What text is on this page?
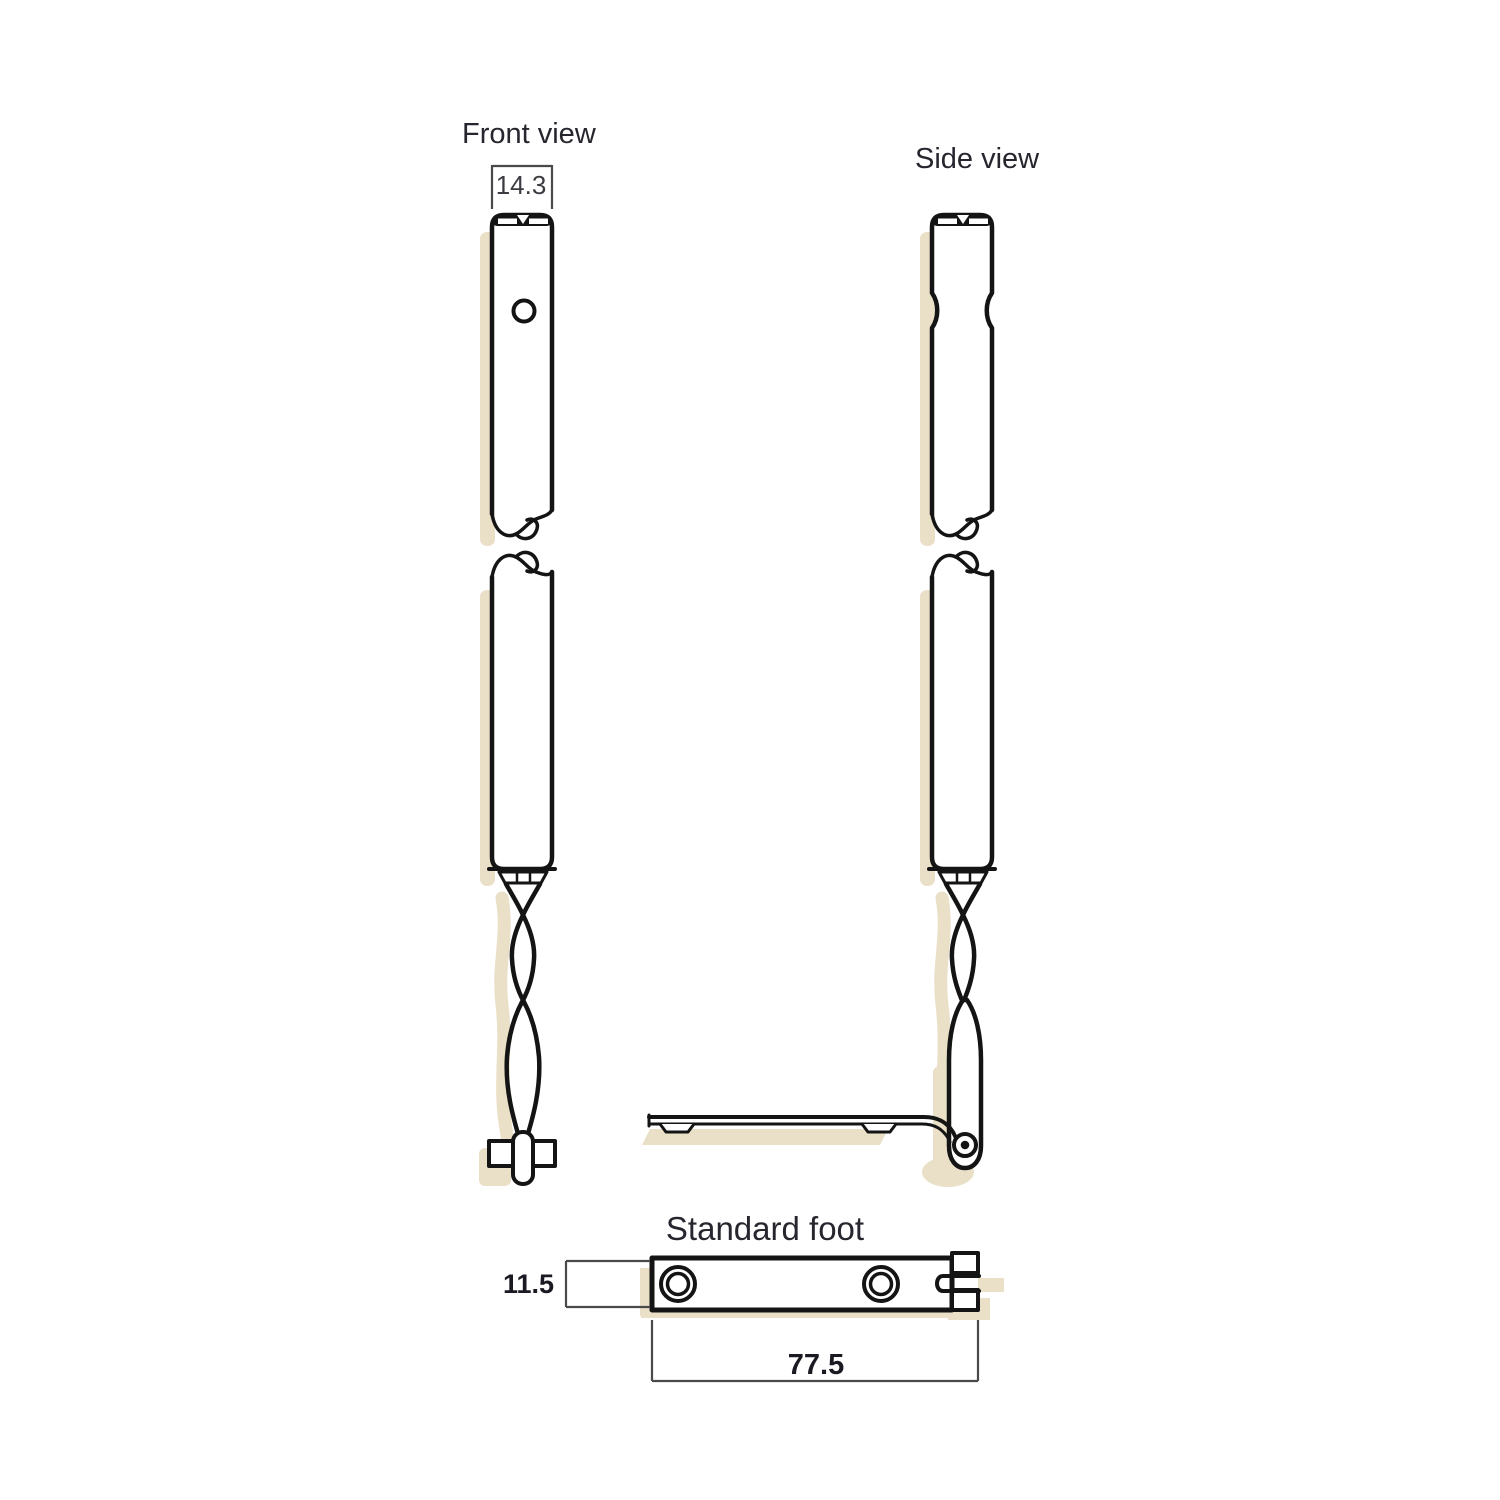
Front view
14.3
Side view
Standard foot
11.5
77.5
